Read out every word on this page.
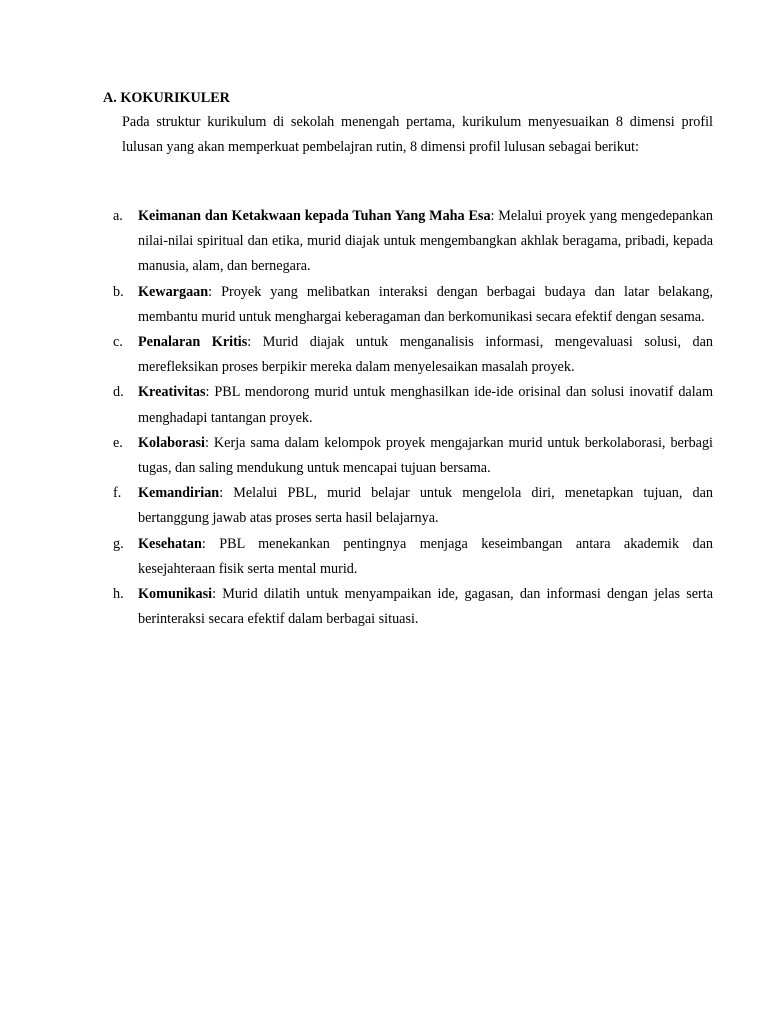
A. KOKURIKULER

Pada struktur kurikulum di sekolah menengah pertama, kurikulum menyesuaikan 8 dimensi profil lulusan yang akan memperkuat pembelajran rutin, 8 dimensi profil lulusan sebagai berikut:

a.	Keimanan dan Ketakwaan kepada Tuhan Yang Maha Esa: Melalui proyek yang mengedepankan nilai-nilai spiritual dan etika, murid diajak untuk mengembangkan akhlak beragama, pribadi, kepada manusia, alam, dan bernegara.
b.	Kewargaan: Proyek yang melibatkan interaksi dengan berbagai budaya dan latar belakang, membantu murid untuk menghargai keberagaman dan berkomunikasi secara efektif dengan sesama.
c.	Penalaran Kritis: Murid diajak untuk menganalisis informasi, mengevaluasi solusi, dan merefleksikan proses berpikir mereka dalam menyelesaikan masalah proyek.
d.	Kreativitas: PBL mendorong murid untuk menghasilkan ide-ide orisinal dan solusi inovatif dalam menghadapi tantangan proyek.
e.	Kolaborasi: Kerja sama dalam kelompok proyek mengajarkan murid untuk berkolaborasi, berbagi tugas, dan saling mendukung untuk mencapai tujuan bersama.
f.	Kemandirian: Melalui PBL, murid belajar untuk mengelola diri, menetapkan tujuan, dan bertanggung jawab atas proses serta hasil belajarnya.
g.	Kesehatan: PBL menekankan pentingnya menjaga keseimbangan antara akademik dan kesejahteraan fisik serta mental murid.
h.	Komunikasi: Murid dilatih untuk menyampaikan ide, gagasan, dan informasi dengan jelas serta berinteraksi secara efektif dalam berbagai situasi.
